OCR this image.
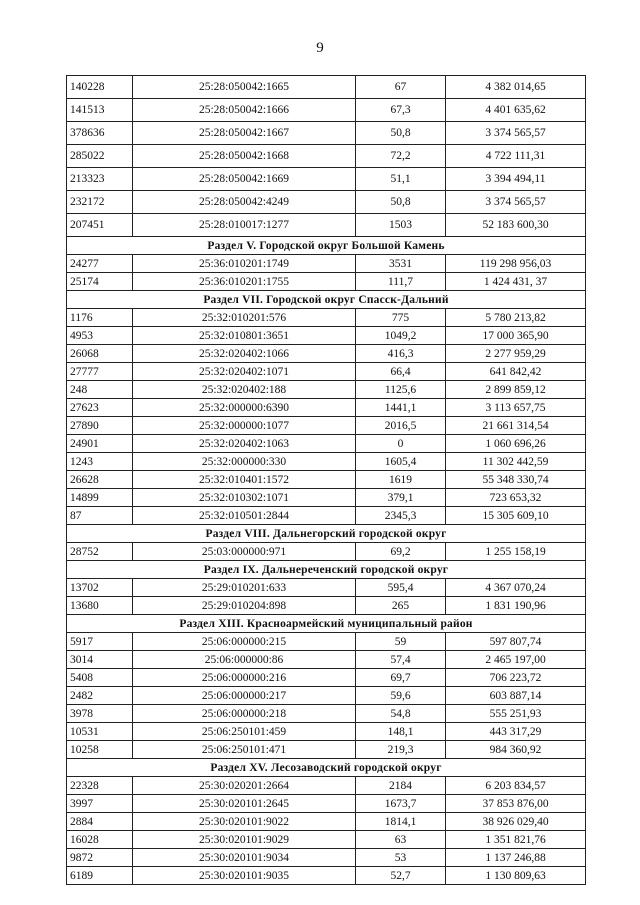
9
140228	25:28:050042:1665	67	4 382 014,65
141513	25:28:050042:1666	67,3	4 401 635,62
378636	25:28:050042:1667	50,8	3 374 565,57
285022	25:28:050042:1668	72,2	4 722 111,31
213323	25:28:050042:1669	51,1	3 394 494,11
232172	25:28:050042:4249	50,8	3 374 565,57
207451	25:28:010017:1277	1503	52 183 600,30
Раздел V. Городской округ Большой Камень			
24277	25:36:010201:1749	3531	119 298 956,03
25174	25:36:010201:1755	111,7	1 424 431, 37
Раздел VII. Городской округ Спасск-Дальний			
1176	25:32:010201:576	775	5 780 213,82
4953	25:32:010801:3651	1049,2	17 000 365,90
26068	25:32:020402:1066	416,3	2 277 959,29
27777	25:32:020402:1071	66,4	641 842,42
248	25:32:020402:188	1125,6	2 899 859,12
27623	25:32:000000:6390	1441,1	3 113 657,75
27890	25:32:000000:1077	2016,5	21 661 314,54
24901	25:32:020402:1063	0	1 060 696,26
1243	25:32:000000:330	1605,4	11 302 442,59
26628	25:32:010401:1572	1619	55 348 330,74
14899	25:32:010302:1071	379,1	723 653,32
87	25:32:010501:2844	2345,3	15 305 609,10
Раздел VIII. Дальнегорский городской округ			
28752	25:03:000000:971	69,2	1 255 158,19
Раздел IX. Дальнереченский городской округ			
13702	25:29:010201:633	595,4	4 367 070,24
13680	25:29:010204:898	265	1 831 190,96
Раздел XIII. Красноармейский муниципальный район			
5917	25:06:000000:215	59	597 807,74
3014	25:06:000000:86	57,4	2 465 197,00
5408	25:06:000000:216	69,7	706 223,72
2482	25:06:000000:217	59,6	603 887,14
3978	25:06:000000:218	54,8	555 251,93
10531	25:06:250101:459	148,1	443 317,29
10258	25:06:250101:471	219,3	984 360,92
Раздел XV. Лесозаводский городской округ			
22328	25:30:020201:2664	2184	6 203 834,57
3997	25:30:020101:2645	1673,7	37 853 876,00
2884	25:30:020101:9022	1814,1	38 926 029,40
16028	25:30:020101:9029	63	1 351 821,76
9872	25:30:020101:9034	53	1 137 246,88
6189	25:30:020101:9035	52,7	1 130 809,63
